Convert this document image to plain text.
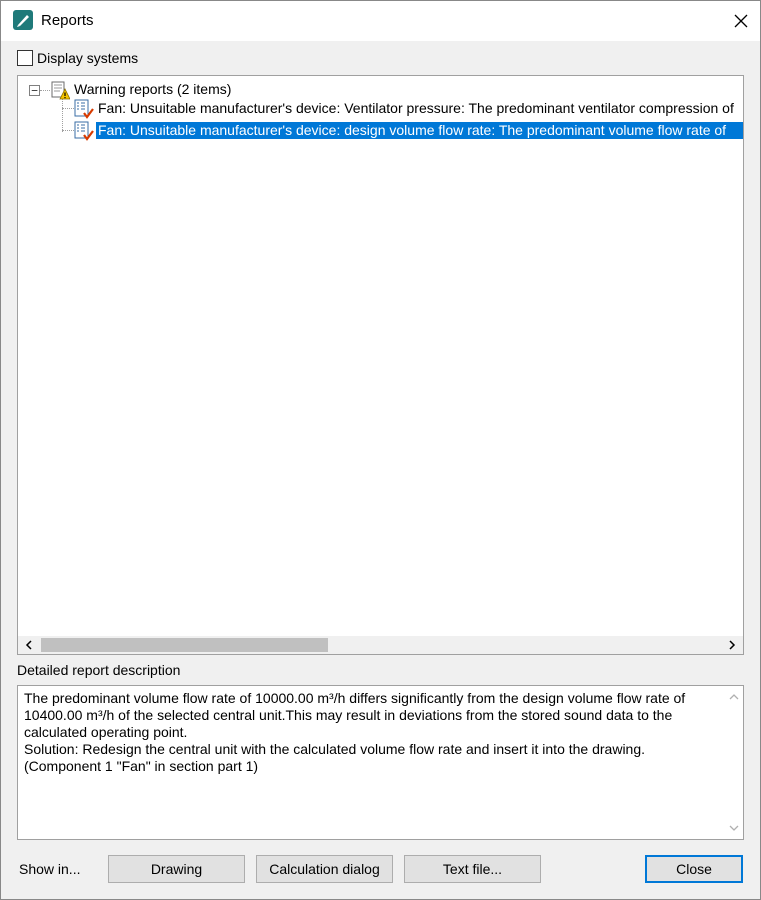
Reports
Display systems
−	Warning reports (2 items)
Fan: Unsuitable manufacturer's device: Ventilator pressure: The predominant ventilator compression of
Fan: Unsuitable manufacturer's device: design volume flow rate: The predominant volume flow rate of
Detailed report description
The predominant volume flow rate of 10000.00 m³/h differs significantly from the design volume flow rate of
10400.00 m³/h of the selected central unit.This may result in deviations from the stored sound data to the
calculated operating point.
Solution: Redesign the central unit with the calculated volume flow rate and insert it into the drawing.
(Component 1 "Fan" in section part 1)
Show in...	Drawing	Calculation dialog	Text file...	Close
